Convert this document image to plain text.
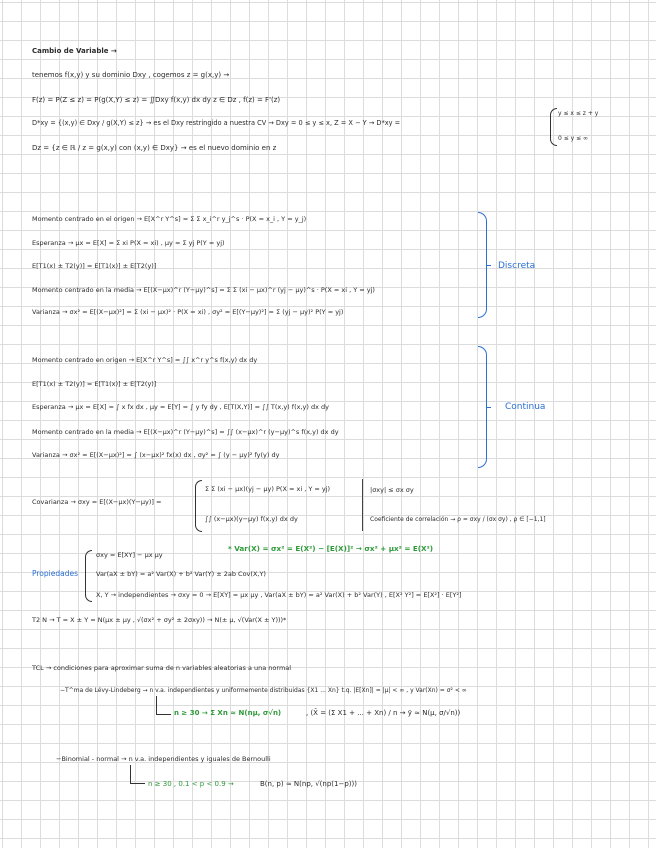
Cambio de Variable →
tenemos f(x,y) y su dominio Dxy , cogemos z = g(x,y) →
F(z) = P(Z ≤ z) = P(g(X,Y) ≤ z) = ∬Dxy f(x,y) dx dy z ∈ Dz , f(z) = F'(z)
D*xy = {(x,y) ∈ Dxy / g(X,Y) ≤ z} → es el Dxy restringido a nuestra CV → Dxy = 0 ≤ y ≤ x, Z = X − Y → D*xy =
y ≤ x ≤ z + y
0 ≤ y ≤ ∞
Dz = {z ∈ ℝ / z = g(x,y) con (x,y) ∈ Dxy} → es el nuevo dominio en z
Momento centrado en el origen → E[X^r Y^s] = Σ Σ x_i^r y_j^s · P(X = x_i , Y = y_j)
Esperanza → μx = E[X] = Σ xi P(X = xi) , μy = Σ yj P(Y = yj)
E[T1(x) ± T2(y)] = E[T1(x)] ± E[T2(y)]
Momento centrado en la media → E[(X−μx)^r (Y−μy)^s] = Σ Σ (xi − μx)^r (yj − μy)^s · P(X = xi , Y = yj)
Varianza → σx² = E[(X−μx)²] = Σ (xi − μx)² · P(X = xi) , σy² = E[(Y−μy)²] = Σ (yj − μy)² P(Y = yj)
Discreta
Momento centrado en origen → E[X^r Y^s] = ∫∫ x^r y^s f(x,y) dx dy
E[T1(x) ± T2(y)] = E[T1(x)] ± E[T2(y)]
Esperanza → μx = E[X] = ∫ x fx dx , μy = E[Y] = ∫ y fy dy , E[T(X,Y)] = ∫∫ T(x,y) f(x,y) dx dy
Momento centrado en la media → E[(X−μx)^r (Y−μy)^s] = ∫∫ (x−μx)^r (y−μy)^s f(x,y) dx dy
Varianza → σx² = E[(X−μx)²] = ∫ (x−μx)² fx(x) dx , σy² = ∫ (y − μy)² fy(y) dy
Continua
Covarianza → σxy = E[(X−μx)(Y−μy)] =
Σ Σ (xi − μx)(yj − μy) P(X = xi , Y = yj)
∫∫ (x−μx)(y−μy) f(x,y) dx dy
|σxy| ≤ σx σy
Coeficiente de correlación → ρ = σxy / (σx σy) , ρ ∈ [−1,1]
* Var(X) = σx² = E(X²) − [E(X)]² → σx² + μx² = E(X²)
Propiedades
σxy = E[XY] − μx μy
Var(aX ± bY) = a² Var(X) + b² Var(Y) ± 2ab Cov(X,Y)
X, Y → independientes → σxy = 0 → E[XY] = μx μy , Var(aX ± bY) = a² Var(X) + b² Var(Y) , E[X² Y²] = E[X²] · E[Y²]
T2 N → T = X ± Y = N(μx ± μy , √(σx² + σy² ± 2σxy)) → N(± μ, √(Var(X ± Y)))*
TCL → condiciones para aproximar suma de n variables aleatorias a una normal
−T^ma de Lévy-Lindeberg → n v.a. independientes y uniformemente distribuidas {X1 ... Xn} t.q. |E[Xn]| = |μ| < ∞ , y Var(Xn) = σ² < ∞
n ≥ 30 → Σ Xn ≈ N(nμ, σ√n)	, (X̄ = (Σ X1 + ... + Xn) / n → ȳ ≈ N(μ, σ/√n))
−Binomial - normal → n v.a. independientes y iguales de Bernoulli
n ≥ 30 , 0.1 < p < 0.9 →	B(n, p) ≈ N(np, √(np(1−p)))
